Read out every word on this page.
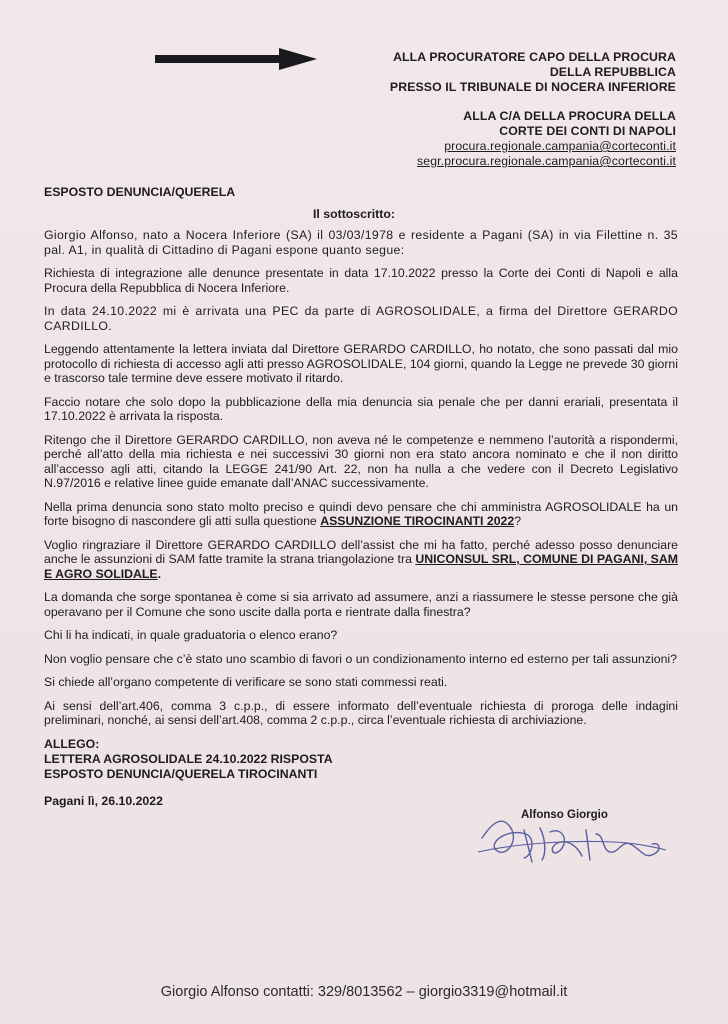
ALLA PROCURATORE CAPO DELLA PROCURA
DELLA REPUBBLICA
PRESSO IL TRIBUNALE DI NOCERA INFERIORE
ALLA C/A DELLA PROCURA DELLA
CORTE DEI CONTI DI NAPOLI
procura.regionale.campania@corteconti.it
segr.procura.regionale.campania@corteconti.it
ESPOSTO DENUNCIA/QUERELA
Il sottoscritto:

Giorgio Alfonso, nato a Nocera Inferiore (SA) il 03/03/1978 e residente a Pagani (SA) in via Filettine n. 35 pal. A1, in qualità di Cittadino di Pagani espone quanto segue:

Richiesta di integrazione alle denunce presentate in data 17.10.2022 presso la Corte dei Conti di Napoli e alla Procura della Repubblica di Nocera Inferiore.

In data 24.10.2022 mi è arrivata una PEC da parte di AGROSOLIDALE, a firma del Direttore GERARDO CARDILLO.

Leggendo attentamente la lettera inviata dal Direttore GERARDO CARDILLO, ho notato, che sono passati dal mio protocollo di richiesta di accesso agli atti presso AGROSOLIDALE, 104 giorni, quando la Legge ne prevede 30 giorni e trascorso tale termine deve essere motivato il ritardo.

Faccio notare che solo dopo la pubblicazione della mia denuncia sia penale che per danni erariali, presentata il 17.10.2022 è arrivata la risposta.

Ritengo che il Direttore GERARDO CARDILLO, non aveva né le competenze e nemmeno l’autorità a rispondermi, perché all’atto della mia richiesta e nei successivi 30 giorni non era stato ancora nominato e che il non diritto all’accesso agli atti, citando la LEGGE 241/90 Art. 22, non ha nulla a che vedere con il Decreto Legislativo N.97/2016 e relative linee guide emanate dall’ANAC successivamente.

Nella prima denuncia sono stato molto preciso e quindi devo pensare che chi amministra AGROSOLIDALE ha un forte bisogno di nascondere gli atti sulla questione ASSUNZIONE TIROCINANTI 2022?

Voglio ringraziare il Direttore GERARDO CARDILLO dell’assist che mi ha fatto, perché adesso posso denunciare anche le assunzioni di SAM fatte tramite la strana triangolazione tra UNICONSUL SRL, COMUNE DI PAGANI, SAM E AGRO SOLIDALE.

La domanda che sorge spontanea è come si sia arrivato ad assumere, anzi a riassumere le stesse persone che già operavano per il Comune che sono uscite dalla porta e rientrate dalla finestra?

Chi li ha indicati, in quale graduatoria o elenco erano?

Non voglio pensare che c’è stato uno scambio di favori o un condizionamento interno ed esterno per tali assunzioni?

Si chiede all’organo competente di verificare se sono stati commessi reati.

Ai sensi dell’art.406, comma 3 c.p.p., di essere informato dell’eventuale richiesta di proroga delle indagini preliminari, nonché, ai sensi dell’art.408, comma 2 c.p.p., circa l’eventuale richiesta di archiviazione.

ALLEGO:
LETTERA AGROSOLIDALE 24.10.2022 RISPOSTA
ESPOSTO DENUNCIA/QUERELA TIROCINANTI
Pagani lì, 26.10.2022
Alfonso Giorgio
Giorgio Alfonso contatti: 329/8013562 – giorgio3319@hotmail.it
